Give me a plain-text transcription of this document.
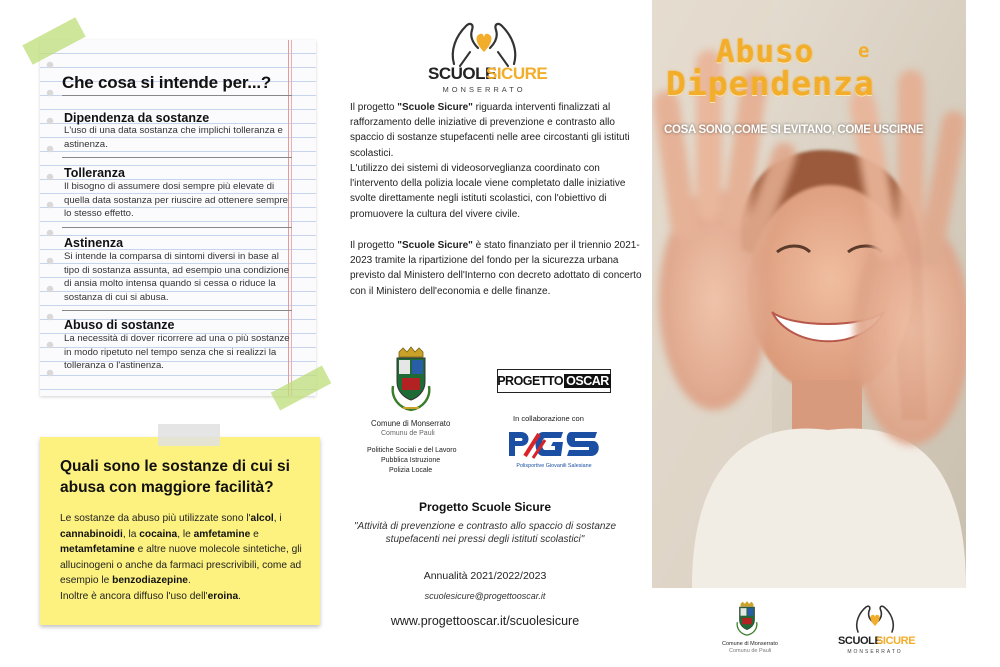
Che cosa si intende per...?
Dipendenza da sostanze
L'uso di una data sostanza che implichi tolleranza e astinenza.
Tolleranza
Il bisogno di assumere dosi sempre più elevate di quella data sostanza per riuscire ad ottenere sempre lo stesso effetto.
Astinenza
Si intende la comparsa di sintomi diversi in base al tipo di sostanza assunta, ad esempio una condizione di ansia molto intensa quando si cessa o riduce la sostanza di cui si abusa.
Abuso di sostanze
La necessità di dover ricorrere ad una o più sostanze in modo ripetuto nel tempo senza che si realizzi la tolleranza o l'astinenza.
Quali sono le sostanze di cui si abusa con maggiore facilità?
Le sostanze da abuso più utilizzate sono l'alcol, i cannabinoidi, la cocaina, le amfetamine e metamfetamine e altre nuove molecole sintetiche, gli allucinogeni o anche da farmaci prescrivibili, come ad esempio le benzodiazepine.
Inoltre è ancora diffuso l'uso dell'eroina.
SCUOLE
SICURE
MONSERRATO
Il progetto "Scuole Sicure" riguarda interventi finalizzati al rafforzamento delle iniziative di prevenzione e contrasto allo spaccio di sostanze stupefacenti nelle aree circostanti gli istituti scolastici.
L'utilizzo dei sistemi di videosorveglianza coordinato con l'intervento della polizia locale viene completato dalle iniziative svolte direttamente negli istituti scolastici, con l'obiettivo di promuovere la cultura del vivere civile.
Il progetto "Scuole Sicure" è stato finanziato per il triennio 2021-2023 tramite la ripartizione del fondo per la sicurezza urbana previsto dal Ministero dell'Interno con decreto adottato di concerto con il Ministero dell'economia e delle finanze.
Comune di Monserrato
Comunu de Pauli
Politiche Sociali e del Lavoro
Pubblica Istruzione
Polizia Locale
PROGETTO OSCAR
In collaborazione con
Polisportive Giovanili Salesiane
Progetto Scuole Sicure
"Attività di prevenzione e contrasto allo spaccio di sostanze stupefacenti nei pressi degli istituti scolastici"
Annualità 2021/2022/2023
scuolesicure@progettooscar.it
www.progettooscar.it/scuolesicure
Abuso e
Dipendenza
COSA SONO,COME SI EVITANO, COME USCIRNE
Comune di Monserrato
Comunu de Pauli
SCUOLE
SICURE
MONSERRATO
